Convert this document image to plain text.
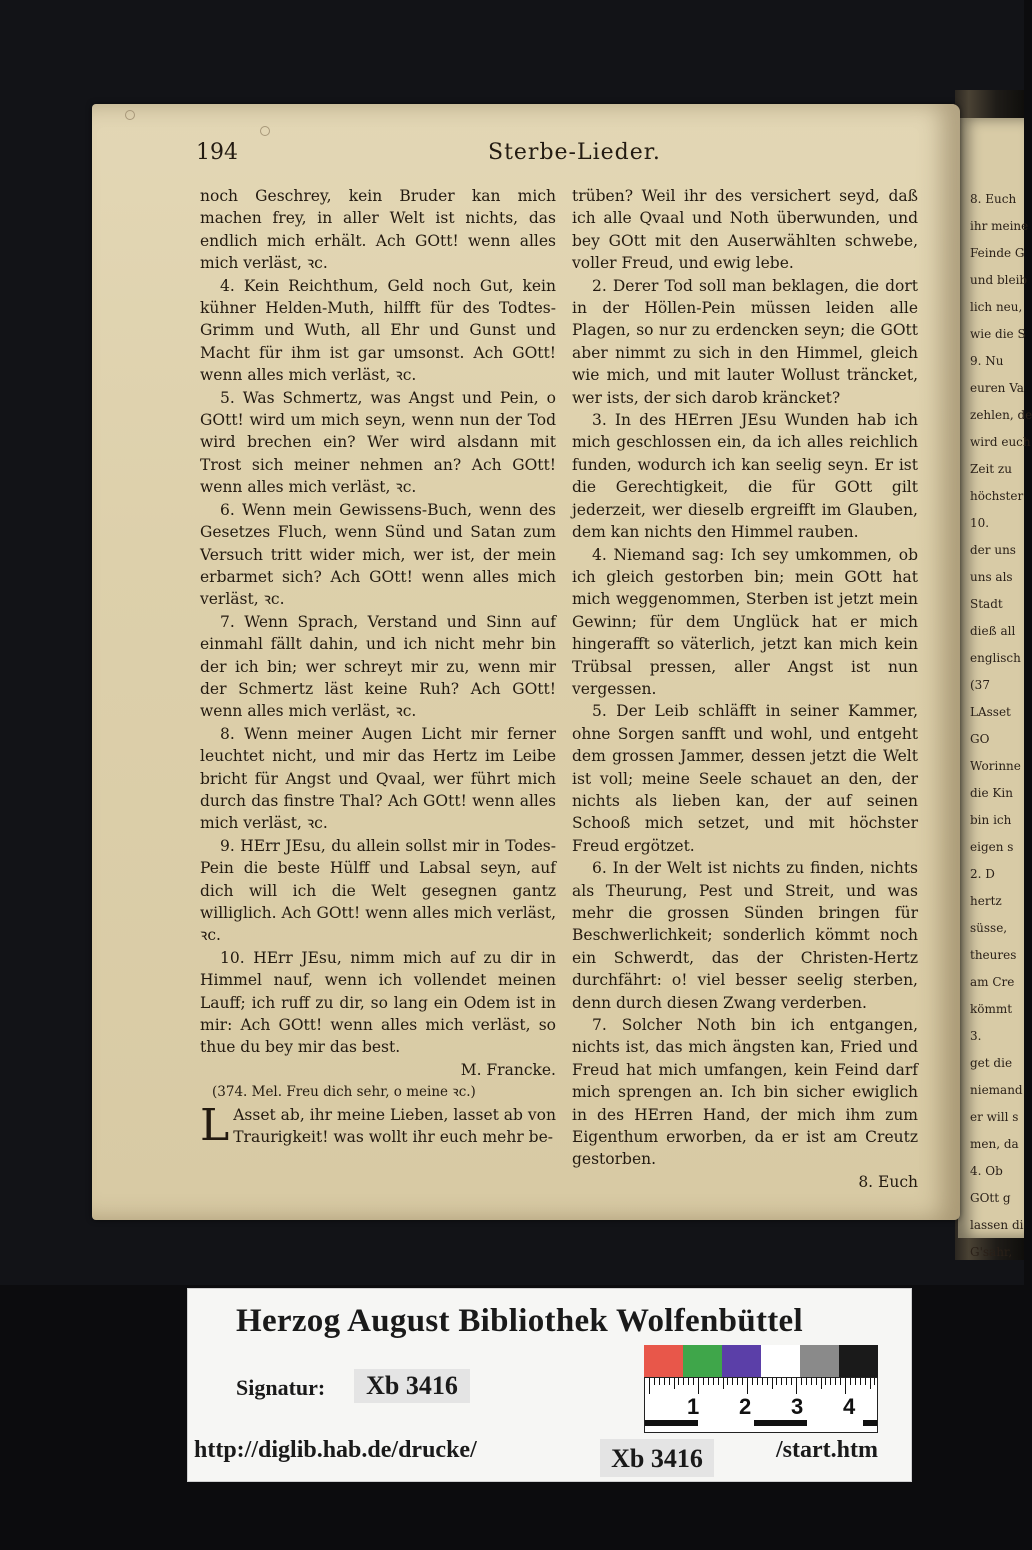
8. Euch
ihr meine
Feinde G
und bleib
lich neu,
wie die S
9. Nu
euren Va
zehlen, de
wird euch
Zeit zu
höchster
10.
der uns
uns als
Stadt
dieß all
englisch
(37
LAsset
GO
Worinne
die Kin
bin ich
eigen s
2. D
hertz
süsse,
theures
am Cre
kömmt
3.
get die
niemand
er will s
men, da
4. Ob
GOtt g
lassen di
G'sahr,
194	Sterbe-Lieder.

noch Geschrey, kein Bruder kan mich machen frey, in aller Welt ist nichts, das endlich mich erhält. Ach GOtt! wenn alles mich verläst, ꝛc.

4. Kein Reichthum, Geld noch Gut, kein kühner Helden-Muth, hilfft für des Todtes-Grimm und Wuth, all Ehr und Gunst und Macht für ihm ist gar umsonst. Ach GOtt! wenn alles mich verläst, ꝛc.

5. Was Schmertz, was Angst und Pein, o GOtt! wird um mich seyn, wenn nun der Tod wird brechen ein? Wer wird alsdann mit Trost sich meiner nehmen an? Ach GOtt! wenn alles mich verläst, ꝛc.

6. Wenn mein Gewissens-Buch, wenn des Gesetzes Fluch, wenn Sünd und Satan zum Versuch tritt wider mich, wer ist, der mein erbarmet sich? Ach GOtt! wenn alles mich verläst, ꝛc.

7. Wenn Sprach, Verstand und Sinn auf einmahl fällt dahin, und ich nicht mehr bin der ich bin; wer schreyt mir zu, wenn mir der Schmertz läst keine Ruh? Ach GOtt! wenn alles mich verläst, ꝛc.

8. Wenn meiner Augen Licht mir ferner leuchtet nicht, und mir das Hertz im Leibe bricht für Angst und Qvaal, wer führt mich durch das finstre Thal? Ach GOtt! wenn alles mich verläst, ꝛc.

9. HErr JEsu, du allein sollst mir in Todes-Pein die beste Hülff und Labsal seyn, auf dich will ich die Welt gesegnen gantz williglich. Ach GOtt! wenn alles mich verläst, ꝛc.

10. HErr JEsu, nimm mich auf zu dir in Himmel nauf, wenn ich vollendet meinen Lauff; ich ruff zu dir, so lang ein Odem ist in mir: Ach GOtt! wenn alles mich verläst, so thue du bey mir das best.

M. Francke.

(374. Mel. Freu dich sehr, o meine ꝛc.)

L Asset ab, ihr meine Lieben, lasset ab von Traurigkeit! was wollt ihr euch mehr be-

trüben? Weil ihr des versichert seyd, daß ich alle Qvaal und Noth überwunden, und bey GOtt mit den Auserwählten schwebe, voller Freud, und ewig lebe.

2. Derer Tod soll man beklagen, die dort in der Höllen-Pein müssen leiden alle Plagen, so nur zu erdencken seyn; die GOtt aber nimmt zu sich in den Himmel, gleich wie mich, und mit lauter Wollust träncket, wer ists, der sich darob kräncket?

3. In des HErren JEsu Wunden hab ich mich geschlossen ein, da ich alles reichlich funden, wodurch ich kan seelig seyn. Er ist die Gerechtigkeit, die für GOtt gilt jederzeit, wer dieselb ergreifft im Glauben, dem kan nichts den Himmel rauben.

4. Niemand sag: Ich sey umkommen, ob ich gleich gestorben bin; mein GOtt hat mich weggenommen, Sterben ist jetzt mein Gewinn; für dem Unglück hat er mich hingerafft so väterlich, jetzt kan mich kein Trübsal pressen, aller Angst ist nun vergessen.

5. Der Leib schläfft in seiner Kammer, ohne Sorgen sanfft und wohl, und entgeht dem grossen Jammer, dessen jetzt die Welt ist voll; meine Seele schauet an den, der nichts als lieben kan, der auf seinen Schooß mich setzet, und mit höchster Freud ergötzet.

6. In der Welt ist nichts zu finden, nichts als Theurung, Pest und Streit, und was mehr die grossen Sünden bringen für Beschwerlichkeit; sonderlich kömmt noch ein Schwerdt, das der Christen-Hertz durchfährt: o! viel besser seelig sterben, denn durch diesen Zwang verderben.

7. Solcher Noth bin ich entgangen, nichts ist, das mich ängsten kan, Fried und Freud hat mich umfangen, kein Feind darf mich sprengen an. Ich bin sicher ewiglich in des HErren Hand, der mich ihm zum Eigenthum erworben, da er ist am Creutz gestorben.

8. Euch

Herzog August Bibliothek Wolfenbüttel
Signatur:	Xb 3416
1 2 3 4
http://diglib.hab.de/drucke/	Xb 3416	/start.htm
